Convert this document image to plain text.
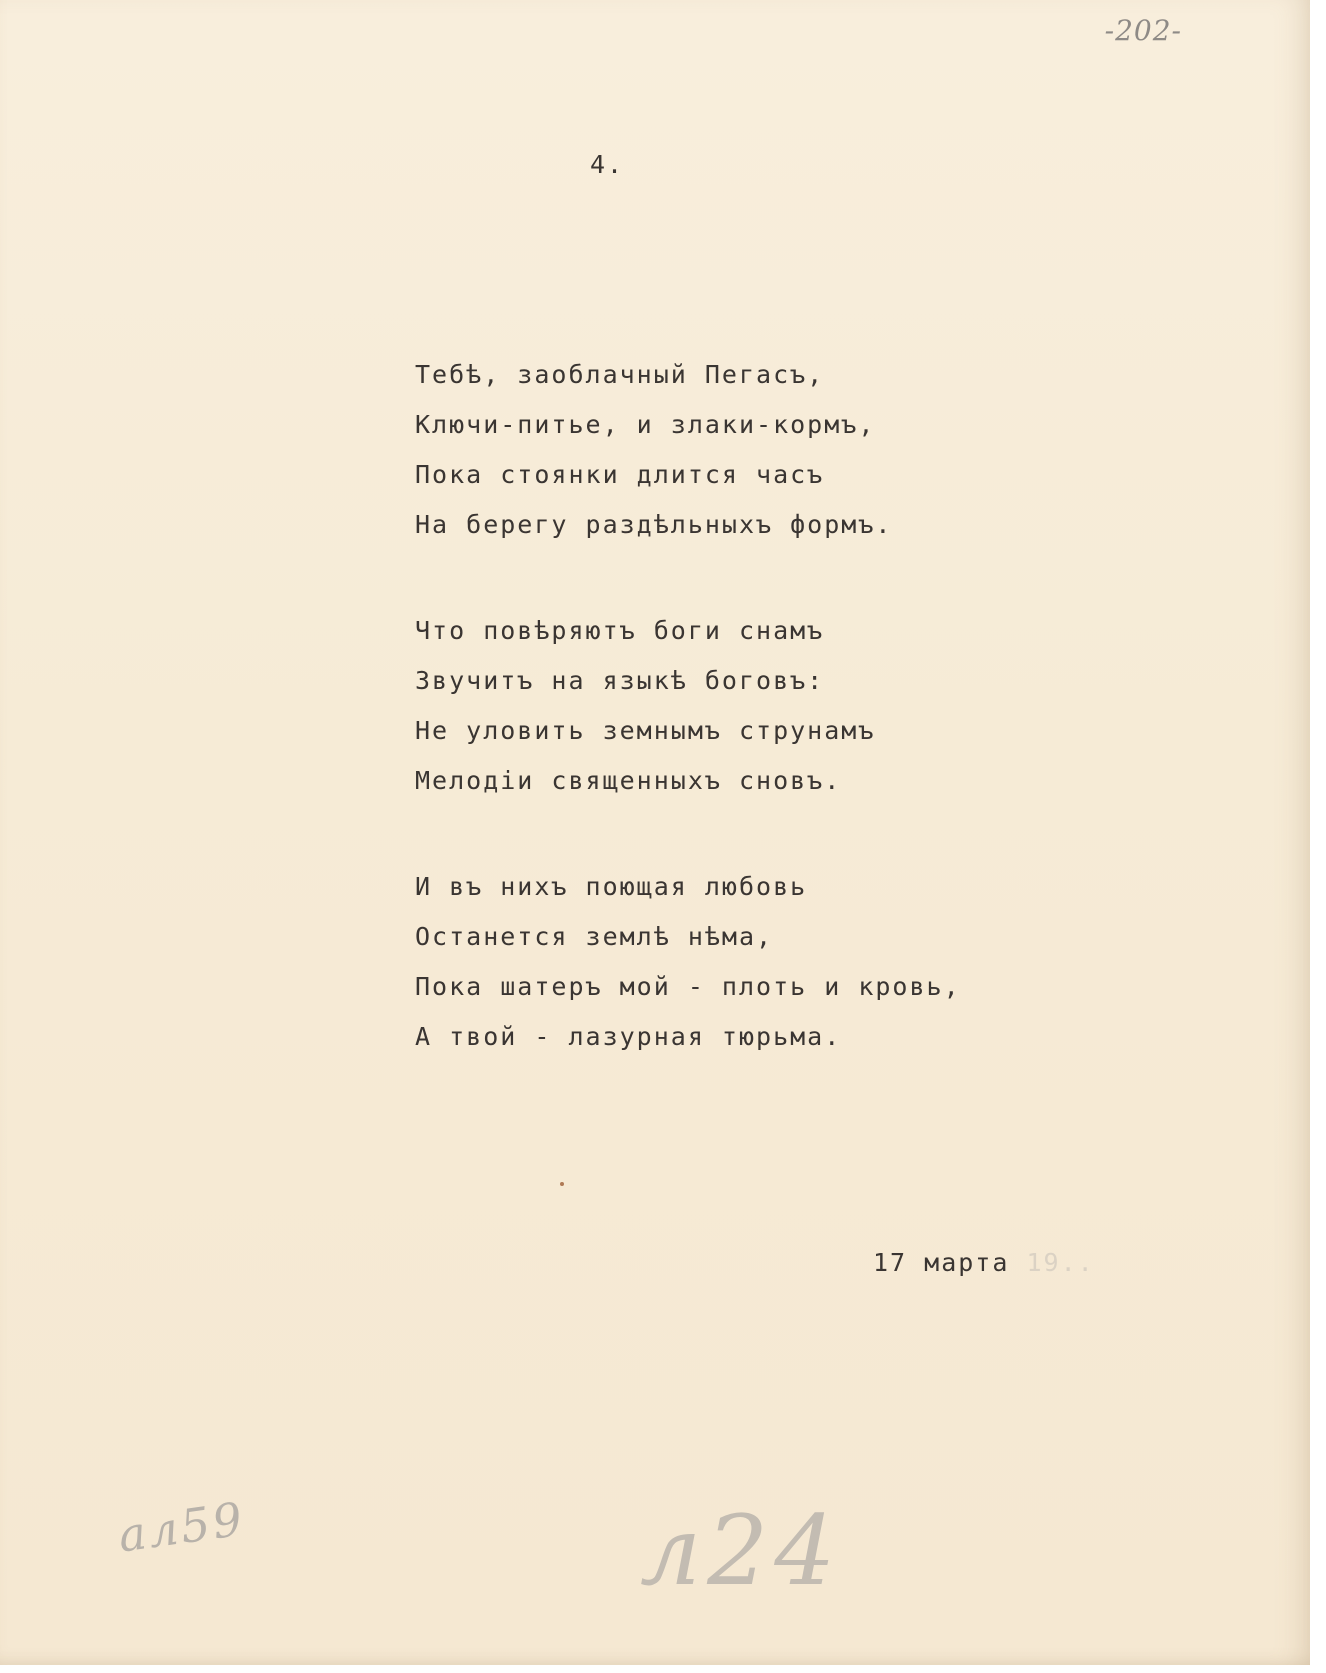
-202-
4.
Тебѣ, заоблачный Пегасъ,
Ключи-питье, и злаки-кормъ,
Пока стоянки длится часъ
На берегу раздѣльныхъ формъ.
Что повѣряютъ боги снамъ
Звучитъ на языкѣ боговъ:
Не уловить земнымъ струнамъ
Мелодіи священныхъ сновъ.
И въ нихъ поющая любовь
Останется землѣ нѣма,
Пока шатеръ мой - плоть и кровь,
А твой - лазурная тюрьма.
17 марта 19..
ал59	л24
